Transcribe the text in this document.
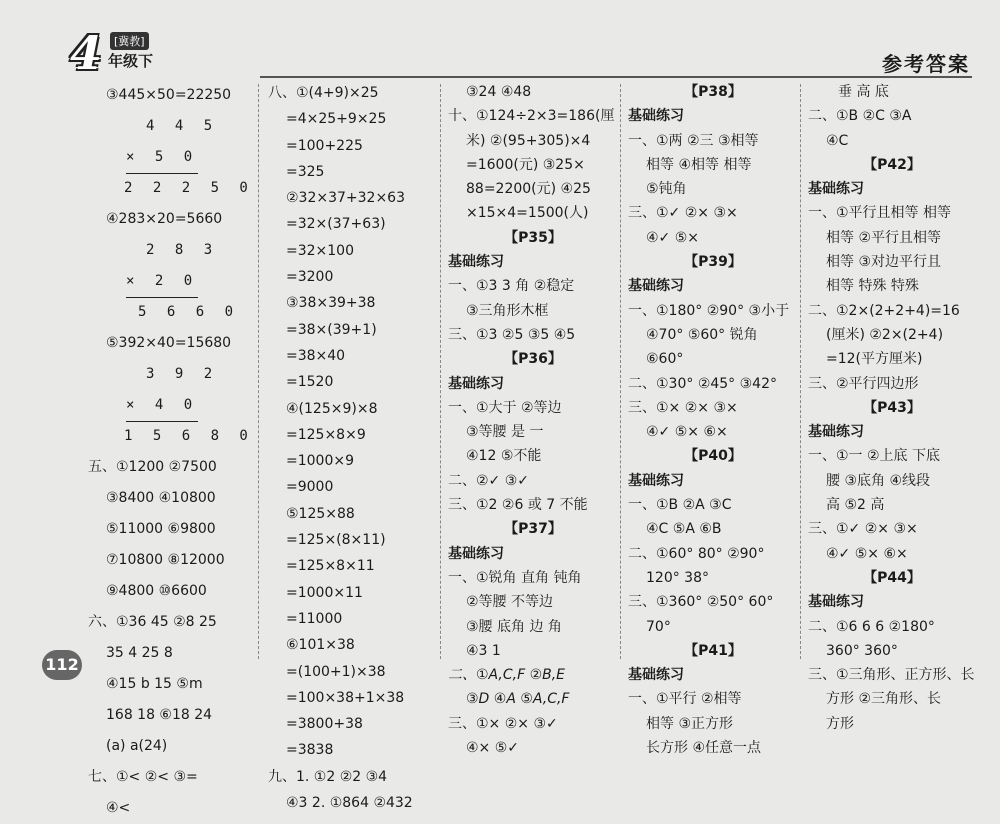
4	[冀教]
年级下	参考答案
③445×50=22250
4 4 5
× 5 0
2 2 2 5 0
④283×20=5660
2 8 3
× 2 0
5 6 6 0
⑤392×40=15680
3 9 2
× 4 0
1 5 6 8 0
五、①1200 ②7500
③8400 ④10800
⑤11000 ⑥9800
⑦10800 ⑧12000
⑨4800 ⑩6600
六、①36 45 ②8 25
35 4 25 8
④15 b 15 ⑤m
168 18 ⑥18 24
(a) a(24)
七、①< ②< ③=
④<
八、①(4+9)×25
=4×25+9×25
=100+225
=325
②32×37+32×63
=32×(37+63)
=32×100
=3200
③38×39+38
=38×(39+1)
=38×40
=1520
④(125×9)×8
=125×8×9
=1000×9
=9000
⑤125×88
=125×(8×11)
=125×8×11
=1000×11
=11000
⑥101×38
=(100+1)×38
=100×38+1×38
=3800+38
=3838
九、1. ①2 ②2 ③4
④3 2. ①864 ②432
③24 ④48
十、①124÷2×3=186(厘
米) ②(95+305)×4
=1600(元) ③25×
88=2200(元) ④25
×15×4=1500(人)
【P35】
基础练习
一、①3 3 角 ②稳定
③三角形木框
三、①3 ②5 ③5 ④5
【P36】
基础练习
一、①大于 ②等边
③等腰 是 一
④12 ⑤不能
二、②✓ ③✓
三、①2 ②6 或 7 不能
【P37】
基础练习
一、①锐角 直角 钝角
②等腰 不等边
③腰 底角 边 角
④3 1
二、①A,C,F ②B,E
③D ④A ⑤A,C,F
三、①× ②× ③✓
④× ⑤✓
【P38】
基础练习
一、①两 ②三 ③相等
相等 ④相等 相等
⑤钝角
三、①✓ ②× ③×
④✓ ⑤×
【P39】
基础练习
一、①180° ②90° ③小于
④70° ⑤60° 锐角
⑥60°
二、①30° ②45° ③42°
三、①× ②× ③×
④✓ ⑤× ⑥×
【P40】
基础练习
一、①B ②A ③C
④C ⑤A ⑥B
二、①60° 80° ②90°
120° 38°
三、①360° ②50° 60°
70°
【P41】
基础练习
一、①平行 ②相等
相等 ③正方形
长方形 ④任意一点
垂 高 底
二、①B ②C ③A
④C
【P42】
基础练习
一、①平行且相等 相等
相等 ②平行且相等
相等 ③对边平行且
相等 特殊 特殊
二、①2×(2+2+4)=16
(厘米) ②2×(2+4)
=12(平方厘米)
三、②平行四边形
【P43】
基础练习
一、①一 ②上底 下底
腰 ③底角 ④线段
高 ⑤2 高
三、①✓ ②× ③×
④✓ ⑤× ⑥×
【P44】
基础练习
二、①6 6 6 ②180°
360° 360°
三、①三角形、正方形、长
方形 ②三角形、长
方形
112
